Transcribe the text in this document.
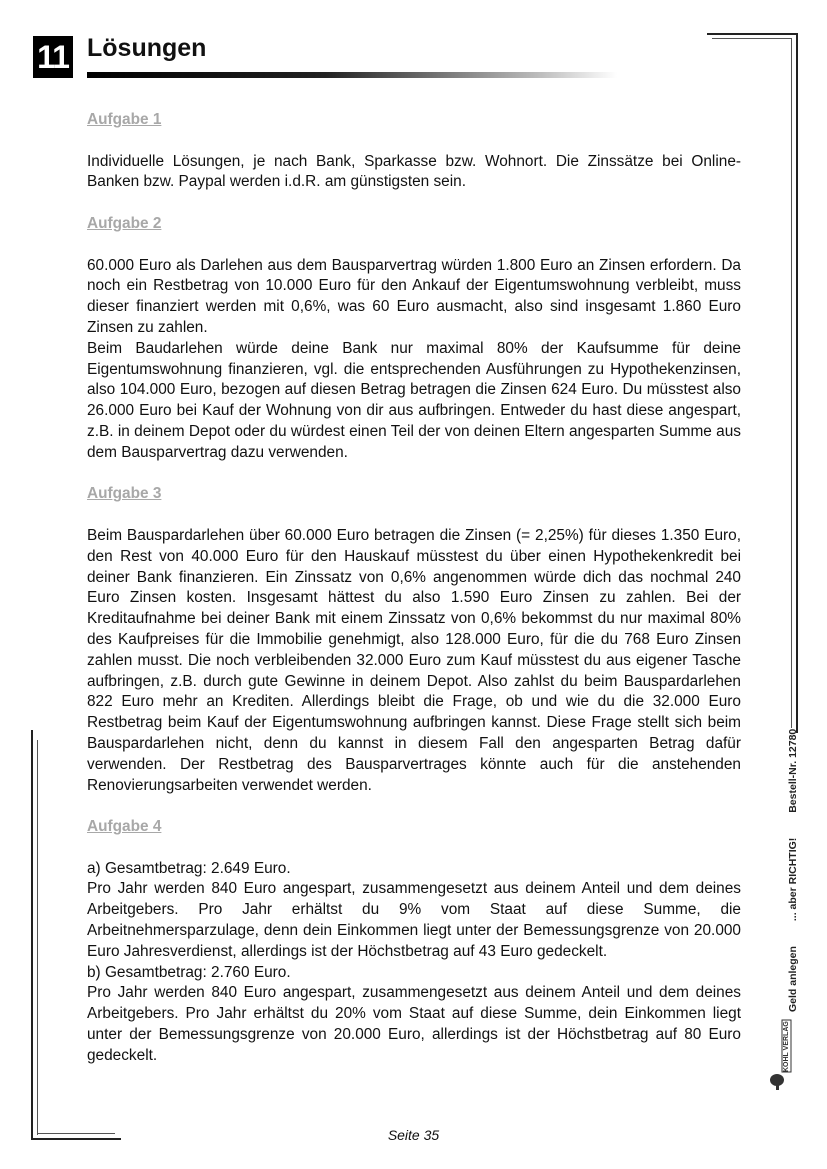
11 Lösungen

Aufgabe 1

Individuelle Lösungen, je nach Bank, Sparkasse bzw. Wohnort. Die Zinssätze bei Online-Banken bzw. Paypal werden i.d.R. am günstigsten sein.

Aufgabe 2

60.000 Euro als Darlehen aus dem Bausparvertrag würden 1.800 Euro an Zinsen erfordern. Da noch ein Restbetrag von 10.000 Euro für den Ankauf der Eigentumswohnung verbleibt, muss dieser finanziert werden mit 0,6%, was 60 Euro ausmacht, also sind insgesamt 1.860 Euro Zinsen zu zahlen.

Beim Baudarlehen würde deine Bank nur maximal 80% der Kaufsumme für deine Eigentumswohnung finanzieren, vgl. die entsprechenden Ausführungen zu Hypothekenzinsen, also 104.000 Euro, bezogen auf diesen Betrag betragen die Zinsen 624 Euro. Du müsstest also 26.000 Euro bei Kauf der Wohnung von dir aus aufbringen. Entweder du hast diese angespart, z.B. in deinem Depot oder du würdest einen Teil der von deinen Eltern angesparten Summe aus dem Bausparvertrag dazu verwenden.

Aufgabe 3

Beim Bauspardarlehen über 60.000 Euro betragen die Zinsen (= 2,25%) für dieses 1.350 Euro, den Rest von 40.000 Euro für den Hauskauf müsstest du über einen Hypothekenkredit bei deiner Bank finanzieren. Ein Zinssatz von 0,6% angenommen würde dich das nochmal 240 Euro Zinsen kosten. Insgesamt hättest du also 1.590 Euro Zinsen zu zahlen. Bei der Kreditaufnahme bei deiner Bank mit einem Zinssatz von 0,6% bekommst du nur maximal 80% des Kaufpreises für die Immobilie genehmigt, also 128.000 Euro, für die du 768 Euro Zinsen zahlen musst. Die noch verbleibenden 32.000 Euro zum Kauf müsstest du aus eigener Tasche aufbringen, z.B. durch gute Gewinne in deinem Depot. Also zahlst du beim Bauspardarlehen 822 Euro mehr an Krediten. Allerdings bleibt die Frage, ob und wie du die 32.000 Euro Restbetrag beim Kauf der Eigentumswohnung aufbringen kannst. Diese Frage stellt sich beim Bauspardarlehen nicht, denn du kannst in diesem Fall den angesparten Betrag dafür verwenden. Der Restbetrag des Bausparvertrages könnte auch für die anstehenden Renovierungsarbeiten verwendet werden.

Aufgabe 4

a) Gesamtbetrag: 2.649 Euro.

Pro Jahr werden 840 Euro angespart, zusammengesetzt aus deinem Anteil und dem deines Arbeitgebers. Pro Jahr erhältst du 9% vom Staat auf diese Summe, die Arbeitnehmersparzulage, denn dein Einkommen liegt unter der Bemessungsgrenze von 20.000 Euro Jahresverdienst, allerdings ist der Höchstbetrag auf 43 Euro gedeckelt.

b) Gesamtbetrag: 2.760 Euro.

Pro Jahr werden 840 Euro angespart, zusammengesetzt aus deinem Anteil und dem deines Arbeitgebers. Pro Jahr erhältst du 20% vom Staat auf diese Summe, dein Einkommen liegt unter der Bemessungsgrenze von 20.000 Euro, allerdings ist der Höchstbetrag auf 80 Euro gedeckelt.

Geld anlegen ... aber RICHTIG! Bestell-Nr. 12780
KOHL VERLAG
Seite 35
